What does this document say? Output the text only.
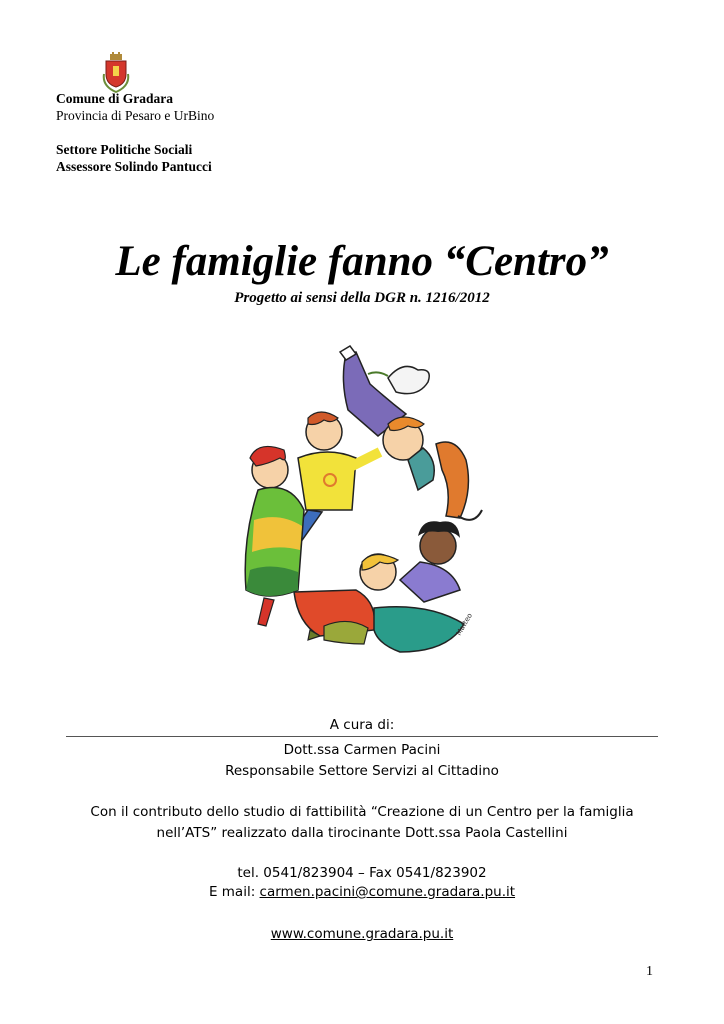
Comune di Gradara
Provincia di Pesaro e UrBino
Settore Politiche Sociali
Assessore Solindo Pantucci
Le famiglie fanno “Centro”
Progetto ai sensi della DGR n. 1216/2012
Matteo
A cura di:
Dott.ssa Carmen Pacini
Responsabile Settore Servizi al Cittadino
Con il contributo dello studio di fattibilità “Creazione di un Centro per la famiglia
nell’ATS” realizzato dalla tirocinante Dott.ssa Paola Castellini
tel. 0541/823904 – Fax 0541/823902
E mail: carmen.pacini@comune.gradara.pu.it
www.comune.gradara.pu.it
1
